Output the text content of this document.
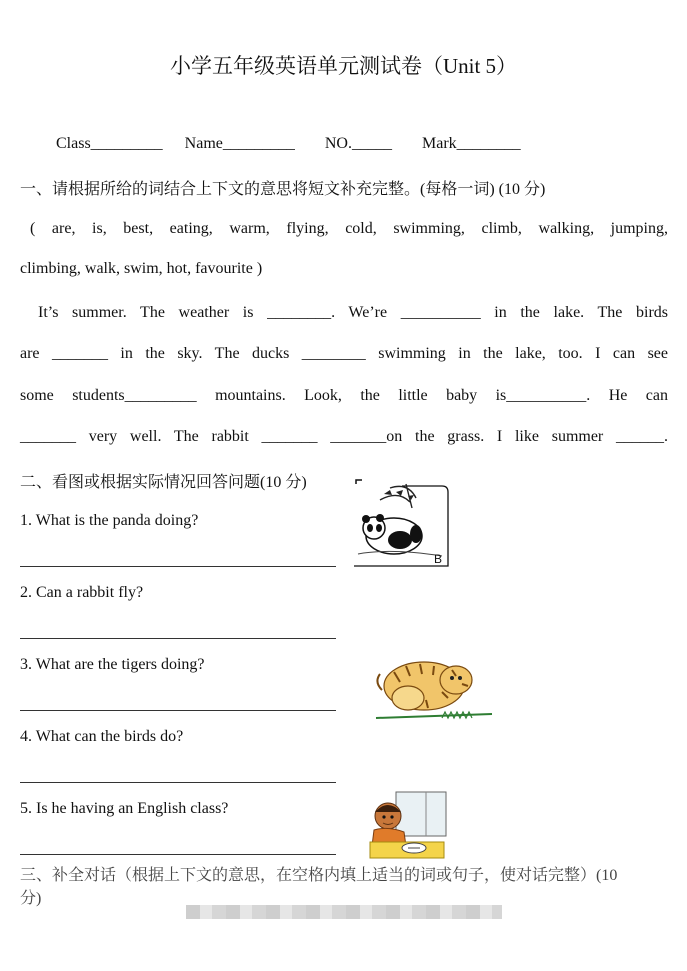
小学五年级英语单元测试卷（Unit 5）
Class_________ Name_________ NO._____ Mark________
一、请根据所给的词结合上下文的意思将短文补充完整。(每格一词) (10 分)
( are, is, best, eating, warm, flying, cold, swimming, climb, walking, jumping,
climbing, walk, swim, hot, favourite )
It’s summer. The weather is ________. We’re __________ in the lake. The birds
are _______ in the sky. The ducks ________ swimming in the lake, too. I can see
some students_________ mountains. Look, the little baby is__________. He can
_______ very well. The rabbit _______ _______on the grass. I like summer ______.
二、看图或根据实际情况回答问题(10 分)
1. What is the panda doing?
2. Can a rabbit fly?
3. What are the tigers doing?
4. What can the birds do?
5. Is he having an English class?
B
三、补全对话（根据上下文的意思，在空格内填上适当的词或句子，使对话完整）(10 分)
